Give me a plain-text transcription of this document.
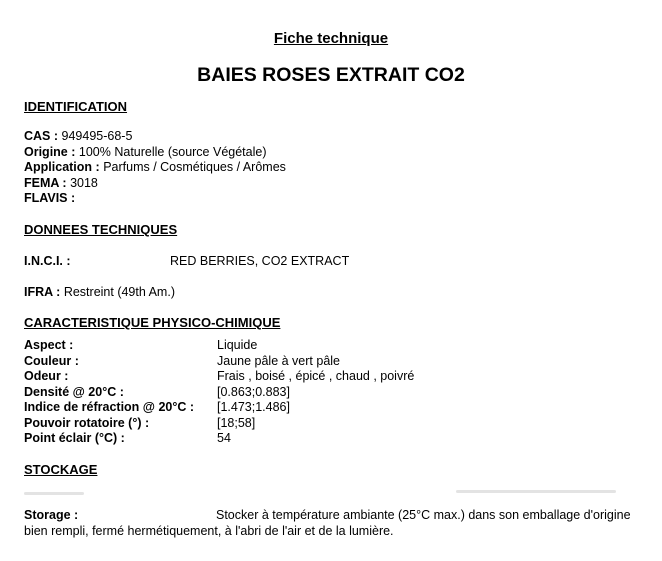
Fiche technique
BAIES ROSES EXTRAIT CO2
IDENTIFICATION
CAS : 949495-68-5
Origine : 100% Naturelle (source Végétale)
Application : Parfums / Cosmétiques / Arômes
FEMA : 3018
FLAVIS :
DONNEES TECHNIQUES
I.N.C.I. :	RED BERRIES, CO2 EXTRACT
IFRA : Restreint (49th Am.)
CARACTERISTIQUE PHYSICO-CHIMIQUE
Aspect :	Liquide
Couleur :	Jaune pâle à vert pâle
Odeur :	Frais , boisé , épicé , chaud , poivré
Densité @ 20°C :	[0.863;0.883]
Indice de réfraction @ 20°C : [1.473;1.486]
Pouvoir rotatoire (°) :	[18;58]
Point éclair (°C) :	54
STOCKAGE
Storage :	Stocker à température ambiante (25°C max.) dans son emballage d'origine
bien rempli, fermé hermétiquement, à l'abri de l'air et de la lumière.
